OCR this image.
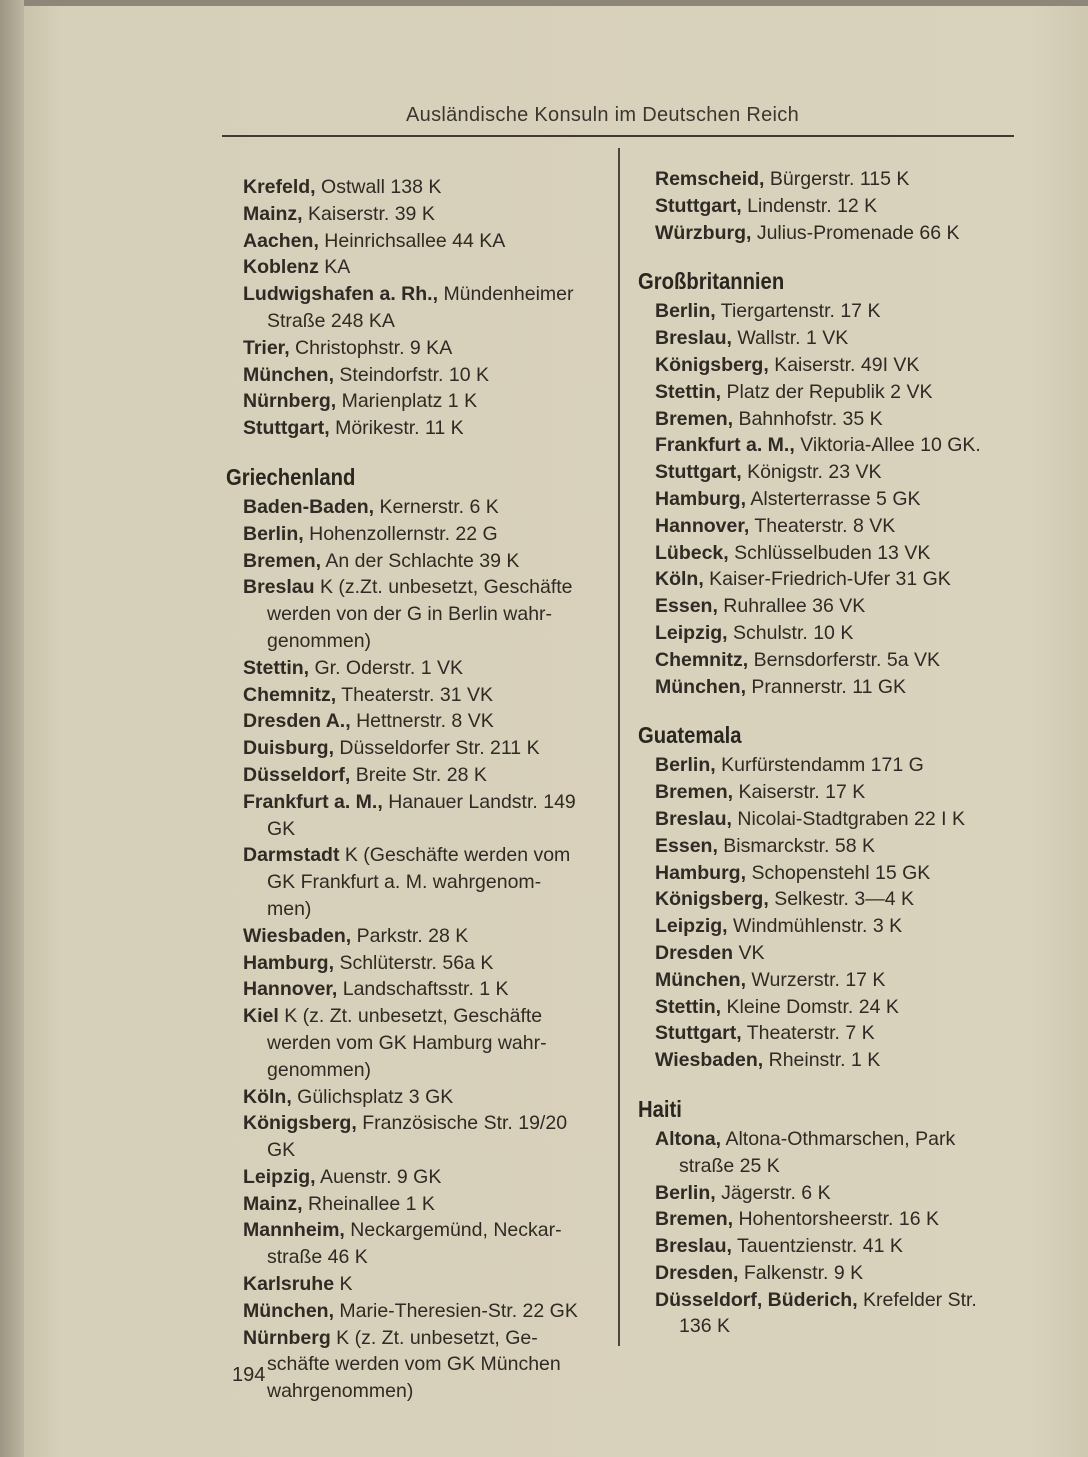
Ausländische Konsuln im Deutschen Reich
Krefeld, Ostwall 138 K
Mainz, Kaiserstr. 39 K
Aachen, Heinrichsallee 44 KA
Koblenz KA
Ludwigshafen a. Rh., Mündenheimer
Straße 248 KA
Trier, Christophstr. 9 KA
München, Steindorfstr. 10 K
Nürnberg, Marienplatz 1 K
Stuttgart, Mörikestr. 11 K
Griechenland
Baden-Baden, Kernerstr. 6 K
Berlin, Hohenzollernstr. 22 G
Bremen, An der Schlachte 39 K
Breslau K (z.Zt. unbesetzt, Geschäfte
werden von der G in Berlin wahr-
genommen)
Stettin, Gr. Oderstr. 1 VK
Chemnitz, Theaterstr. 31 VK
Dresden A., Hettnerstr. 8 VK
Duisburg, Düsseldorfer Str. 211 K
Düsseldorf, Breite Str. 28 K
Frankfurt a. M., Hanauer Landstr. 149
GK
Darmstadt K (Geschäfte werden vom
GK Frankfurt a. M. wahrgenom-
men)
Wiesbaden, Parkstr. 28 K
Hamburg, Schlüterstr. 56a K
Hannover, Landschaftsstr. 1 K
Kiel K (z. Zt. unbesetzt, Geschäfte
werden vom GK Hamburg wahr-
genommen)
Köln, Gülichsplatz 3 GK
Königsberg, Französische Str. 19/20
GK
Leipzig, Auenstr. 9 GK
Mainz, Rheinallee 1 K
Mannheim, Neckargemünd, Neckar-
straße 46 K
Karlsruhe K
München, Marie-Theresien-Str. 22 GK
Nürnberg K (z. Zt. unbesetzt, Ge-
schäfte werden vom GK München
wahrgenommen)
Remscheid, Bürgerstr. 115 K
Stuttgart, Lindenstr. 12 K
Würzburg, Julius-Promenade 66 K
Großbritannien
Berlin, Tiergartenstr. 17 K
Breslau, Wallstr. 1 VK
Königsberg, Kaiserstr. 49I VK
Stettin, Platz der Republik 2 VK
Bremen, Bahnhofstr. 35 K
Frankfurt a. M., Viktoria-Allee 10 GK.
Stuttgart, Königstr. 23 VK
Hamburg, Alsterterrasse 5 GK
Hannover, Theaterstr. 8 VK
Lübeck, Schlüsselbuden 13 VK
Köln, Kaiser-Friedrich-Ufer 31 GK
Essen, Ruhrallee 36 VK
Leipzig, Schulstr. 10 K
Chemnitz, Bernsdorferstr. 5a VK
München, Prannerstr. 11 GK
Guatemala
Berlin, Kurfürstendamm 171 G
Bremen, Kaiserstr. 17 K
Breslau, Nicolai-Stadtgraben 22 I K
Essen, Bismarckstr. 58 K
Hamburg, Schopenstehl 15 GK
Königsberg, Selkestr. 3—4 K
Leipzig, Windmühlenstr. 3 K
Dresden VK
München, Wurzerstr. 17 K
Stettin, Kleine Domstr. 24 K
Stuttgart, Theaterstr. 7 K
Wiesbaden, Rheinstr. 1 K
Haiti
Altona, Altona-Othmarschen, Park
straße 25 K
Berlin, Jägerstr. 6 K
Bremen, Hohentorsheerstr. 16 K
Breslau, Tauentzienstr. 41 K
Dresden, Falkenstr. 9 K
Düsseldorf, Büderich, Krefelder Str.
136 K
194
